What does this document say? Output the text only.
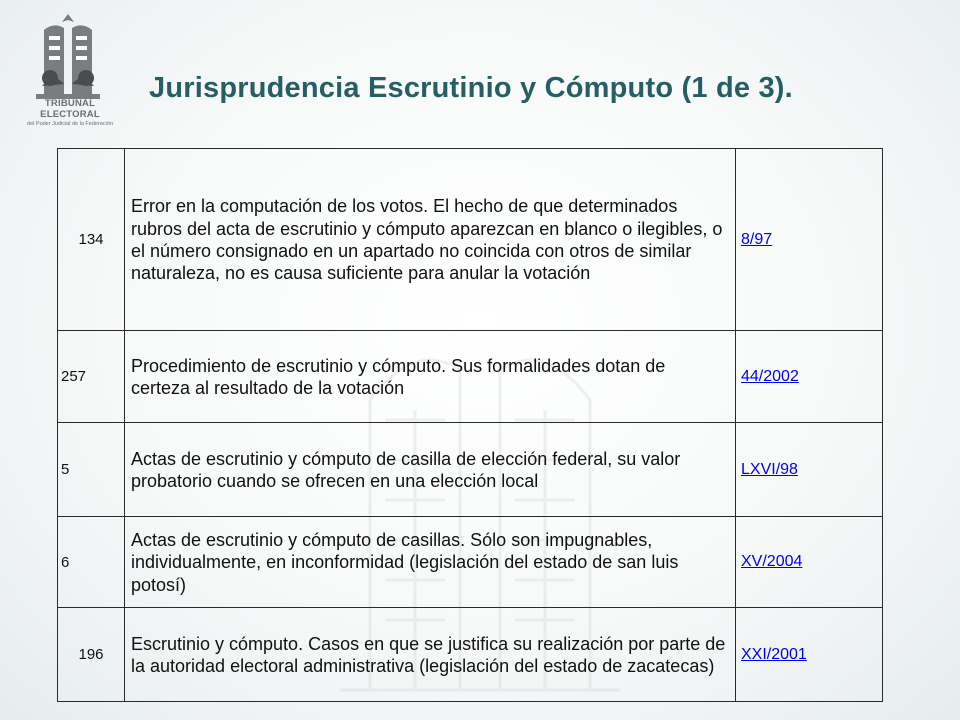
TRIBUNAL ELECTORAL
del Poder Judicial de la Federación
Jurisprudencia Escrutinio y Cómputo (1 de 3).
134	Error en la computación de los votos. El hecho de que determinados rubros del acta de escrutinio y cómputo aparezcan en blanco o ilegibles, o el número consignado en un apartado no coincida con otros de similar naturaleza, no es causa suficiente para anular la votación	8/97
257	Procedimiento de escrutinio y cómputo. Sus formalidades dotan de certeza al resultado de la votación	44/2002
5	Actas de escrutinio y cómputo de casilla de elección federal, su valor probatorio cuando se ofrecen en una elección local	LXVI/98
6	Actas de escrutinio y cómputo de casillas. Sólo son impugnables, individualmente, en inconformidad (legislación del estado de san luis potosí)	XV/2004
196	Escrutinio y cómputo. Casos en que se justifica su realización por parte de la autoridad electoral administrativa (legislación del estado de zacatecas)	XXI/2001
